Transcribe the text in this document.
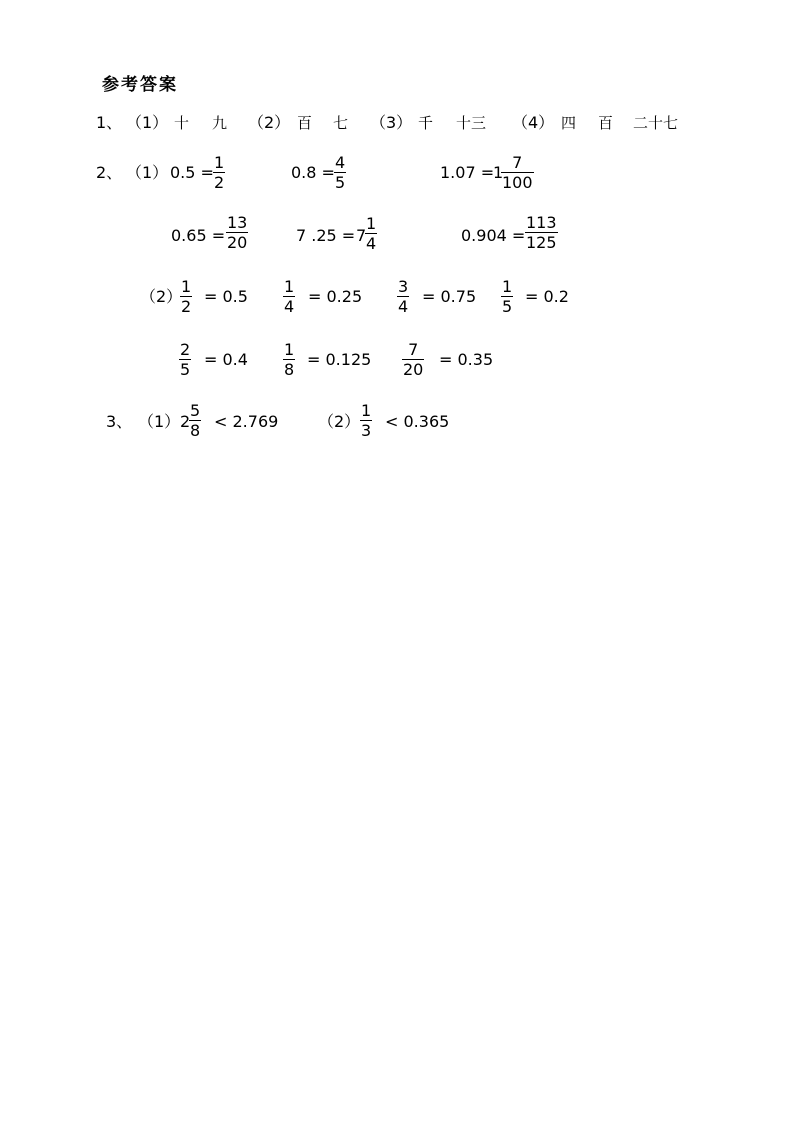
参考答案
1、 （1） 十 九 （2） 百 七 （3） 千 十三 （4） 四 百 二十七
2、 （1） $0.5 = \frac{1}{2}$	$0.8 = \frac{4}{5}$	1.07 =
1
$\frac{7}{100}$
$0.65 = \frac{13}{20}$	7 .25 = 7
$\frac{1}{4}$	$0.904 = \frac{113}{125}$
（2）
$\frac{1}{2} = 0.5 \frac{1}{4} = 0.25 \frac{3}{4} = 0.75 \frac{1}{5} = 0.2$
$\frac{2}{5} = 0.4 \frac{1}{8} = 0.125 \frac{7}{20} = 0.35$
3、 （1） 2
$\frac{5}{8} < 2.769$ $(2) \frac{1}{3} < 0.365$
